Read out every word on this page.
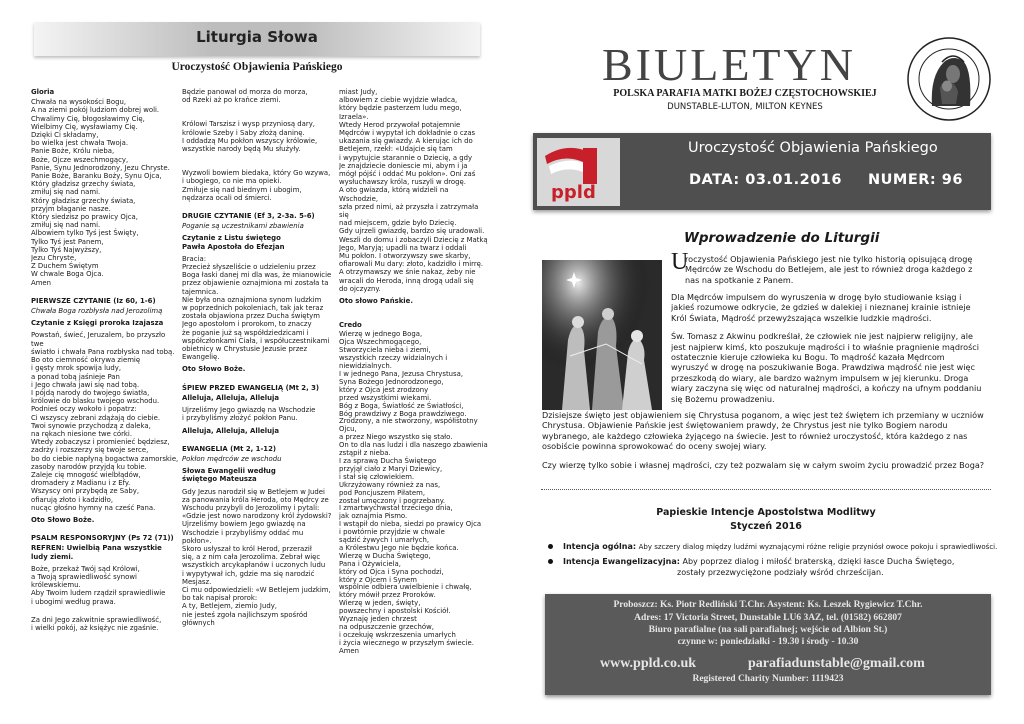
Liturgia Słowa
Uroczystość Objawienia Pańskiego
Gloria

Chwała na wysokości Bogu,
A na ziemi pokój ludziom dobrej woli.
Chwalimy Cię, błogosławimy Cię,
Wielbimy Cię, wysławiamy Cię.
Dzięki Ci składamy,
bo wielka jest chwała Twoja.
Panie Boże, Królu nieba,
Boże, Ojcze wszechmogący,
Panie, Synu Jednorodzony, Jezu Chryste.
Panie Boże, Baranku Boży, Synu Ojca,
Który gładzisz grzechy świata,
zmiłuj się nad nami.
Który gładzisz grzechy świata,
przyjm błaganie nasze.
Który siedzisz po prawicy Ojca,
zmiłuj się nad nami.
Albowiem tylko Tyś jest Święty,
Tylko Tyś jest Panem,
Tylko Tyś Najwyższy,
Jezu Chryste,
Z Duchem Świętym
W chwale Boga Ojca.
Amen

PIERWSZE CZYTANIE (Iz 60, 1-6)
Chwała Boga rozbłysła nad Jerozolimą
Czytanie z Księgi proroka Izajasza

Powstań, świeć, Jeruzalem, bo przyszło twe
światło i chwała Pana rozbłyska nad tobą.
Bo oto ciemność okrywa ziemię
i gęsty mrok spowija ludy,
a ponad tobą jaśnieje Pan
i Jego chwała jawi się nad tobą.
I pójdą narody do twojego światła,
królowie do blasku twojego wschodu.
Podnieś oczy wokoło i popatrz:
Ci wszyscy zebrani zdążają do ciebie.
Twoi synowie przychodzą z daleka,
na rękach niesione twe córki.
Wtedy zobaczysz i promienieć będziesz,
zadrży i rozszerzy się twoje serce,
bo do ciebie napłyną bogactwa zamorskie,
zasoby narodów przyjdą ku tobie.
Zaleje cię mnogość wielbłądów,
dromadery z Madianu i z Efy.
Wszyscy oni przybędą ze Saby,
ofiarują złoto i kadzidło,
nucąc głośno hymny na cześć Pana.

Oto Słowo Boże.
PSALM RESPONSORYJNY (Ps 72 (71))
REFREN: Uwielbią Pana wszystkie ludy ziemi.

Boże, przekaż Twój sąd Królowi,
a Twoją sprawiedliwość synowi
królewskiemu.
Aby Twoim ludem rządził sprawiedliwie
i ubogimi według prawa.

Za dni Jego zakwitnie sprawiedliwość,
i wielki pokój, aż księżyc nie zgaśnie.

Będzie panował od morza do morza,
od Rzeki aż po krańce ziemi.

Królowi Tarszisz i wysp przyniosą dary,
królowie Szeby i Saby złożą daninę.
I oddadzą Mu pokłon wszyscy królowie,
wszystkie narody będą Mu służyły.

Wyzwoli bowiem biedaka, który Go wzywa,
i ubogiego, co nie ma opieki.
Zmiłuje się nad biednym i ubogim,
nędzarza ocali od śmierci.

DRUGIE CZYTANIE (Ef 3, 2-3a. 5-6)
Poganie są uczestnikami zbawienia
Czytanie z Listu świętego
Pawła Apostoła do Efezjan

Bracia:
Przecież słyszeliście o udzieleniu przez
Boga łaski danej mi dla was, że mianowicie
przez objawienie oznajmiona mi została ta
tajemnica.
Nie była ona oznajmiona synom ludzkim
w poprzednich pokoleniach, tak jak teraz
została objawiona przez Ducha świętym
Jego apostołom i prorokom, to znaczy
że poganie już są współdziedzicami i
współczłonkami Ciała, i współuczestnikami
obietnicy w Chrystusie Jezusie przez
Ewangelię.

Oto Słowo Boże.
ŚPIEW PRZED EWANGELIĄ (Mt 2, 3)
Alleluja, Alleluja, Alleluja

Ujrzeliśmy Jego gwiazdę na Wschodzie
i przybyliśmy złożyć pokłon Panu.

Alleluja, Alleluja, Alleluja
EWANGELIA (Mt 2, 1-12)
Pokłon mędrców ze wschodu
Słowa Ewangelii według
świętego Mateusza

Gdy Jezus narodził się w Betlejem w Judei
za panowania króla Heroda, oto Mędrcy ze
Wschodu przybyli do Jerozolimy i pytali:
«Gdzie jest nowo narodzony król żydowski?
Ujrzeliśmy bowiem Jego gwiazdę na
Wschodzie i przybyliśmy oddać mu pokłon».
Skoro usłyszał to król Herod, przeraził
się, a z nim cała Jerozolima. Zebrał więc
wszystkich arcykapłanów i uczonych ludu
i wypytywał ich, gdzie ma się narodzić
Mesjasz.
Ci mu odpowiedzieli: «W Betlejem judzkim,
bo tak napisał prorok:
A ty, Betlejem, ziemio Judy,
nie jesteś zgoła najlichszym spośród głównych

miast Judy,
albowiem z ciebie wyjdzie władca,
który będzie pasterzem ludu mego,
Izraela».
Wtedy Herod przywołał potajemnie
Mędrców i wypytał ich dokładnie o czas
ukazania się gwiazdy. A kierując ich do
Betlejem, rzekł: «Udajcie się tam
i wypytujcie starannie o Dziecię, a gdy
Je znajdziecie doniescie mi, abym i ja
mógł pójść i oddać Mu pokłon». Oni zaś
wysłuchawszy króla, ruszyli w drogę.
A oto gwiazda, którą widzieli na Wschodzie,
szła przed nimi, aż przyszła i zatrzymała się
nad miejscem, gdzie było Dziecię.
Gdy ujrzeli gwiazdę, bardzo się uradowali.
Weszli do domu i zobaczyli Dziecię z Matką
Jego, Maryją; upadli na twarz i oddali
Mu pokłon. I otworzywszy swe skarby,
ofiarowali Mu dary: złoto, kadzidło i mirrę.
A otrzymawszy we śnie nakaz, żeby nie
wracali do Heroda, inną drogą udali się
do ojczyzny.

Oto słowo Pańskie.
Credo

Wierzę w jednego Boga,
Ojca Wszechmogącego,
Stworzyciela nieba i ziemi,
wszystkich rzeczy widzialnych i niewidzialnych.
I w jednego Pana, Jezusa Chrystusa,
Syna Bożego Jednorodzonego,
który z Ojca jest zrodzony
przed wszystkimi wiekami.
Bóg z Boga, Światłość ze Światłości,
Bóg prawdziwy z Boga prawdziwego.
Zrodzony, a nie stworzony, współistotny Ojcu,
a przez Niego wszystko się stało.
On to dla nas ludzi i dla naszego zbawienia
zstąpił z nieba.
I za sprawą Ducha Świętego
przyjął ciało z Maryi Dziewicy,
i stał się człowiekiem.
Ukrzyżowany również za nas,
pod Poncjuszem Piłatem,
został umęczony i pogrzebany.
I zmartwychwstał trzeciego dnia,
jak oznajmia Pismo.
I wstąpił do nieba, siedzi po prawicy Ojca
i powtórnie przyjdzie w chwale
sądzić żywych i umarłych,
a Królestwu Jego nie będzie końca.
Wierzę w Ducha Świętego,
Pana i Ożywiciela,
który od Ojca i Syna pochodzi,
który z Ojcem i Synem
wspólnie odbiera uwielbienie i chwałę,
który mówił przez Proroków.
Wierzę w jeden, święty,
powszechny i apostolski Kościół.
Wyznaję jeden chrzest
na odpuszczenie grzechów,
i oczekuję wskrzeszenia umarłych
i życia wiecznego w przyszłym świecie.
Amen

BIULETYN
POLSKA PARAFIA MATKI BOŻEJ CZĘSTOCHOWSKIEJ
DUNSTABLE-LUTON, MILTON KEYNES
ppld
Uroczystość Objawienia Pańskiego
DATA: 03.01.2016 NUMER: 96
Wprowadzenie do Liturgii
U

roczystość Objawienia Pańskiego jest nie tylko historią opisującą drogę Mędrców ze Wschodu do Betlejem, ale jest to również droga każdego z nas na spotkanie z Panem.

Dla Mędrców impulsem do wyruszenia w drogę było studiowanie ksiąg i jakieś rozumowe odkrycie, że gdzieś w dalekiej i nieznanej krainie istnieje Król Świata, Mądrość przewyższająca wszelkie ludzkie mądrości.

Św. Tomasz z Akwinu podkreślał, że człowiek nie jest najpierw religijny, ale jest najpierw kimś, kto poszukuje mądrości i to właśnie pragnienie mądrości ostatecznie kieruje człowieka ku Bogu. To mądrość kazała Mędrcom wyruszyć w drogę na poszukiwanie Boga. Prawdziwa mądrość nie jest więc przeszkodą do wiary, ale bardzo ważnym impulsem w jej kierunku. Droga wiary zaczyna się więc od naturalnej mądrości, a kończy na ufnym poddaniu się Bożemu prowadzeniu.

Dzisiejsze święto jest objawieniem się Chrystusa poganom, a więc jest też świętem ich przemiany w uczniów Chrystusa. Objawienie Pańskie jest świętowaniem prawdy, że Chrystus jest nie tylko Bogiem narodu wybranego, ale każdego człowieka żyjącego na świecie. Jest to również uroczystość, która każdego z nas osobiście powinna sprowokować do oceny swojej wiary.

Czy wierzę tylko sobie i własnej mądrości, czy też pozwalam się w całym swoim życiu prowadzić przez Boga?

Papieskie Intencje Apostolstwa Modlitwy
Styczeń 2016
Intencja ogólna: Aby szczery dialog między ludźmi wyznającymi różne religie przyniósł owoce pokoju i sprawiedliwości.
Intencja Ewangelizacyjna: Aby poprzez dialog i miłość braterską, dzięki łasce Ducha Świętego,
zostały przezwyciężone podziały wśród chrześcijan.
Proboszcz: Ks. Piotr Redliński T.Chr. Asystent: Ks. Leszek Rygiewicz T.Chr.
Adres: 17 Victoria Street, Dunstable LU6 3AZ, tel. (01582) 662807
Biuro parafialne (na sali parafialnej; wejście od Albion St.)
czynne w: poniedziałki - 19.30 i środy - 10.30
www.ppld.co.uk	parafiadunstable@gmail.com
Registered Charity Number: 1119423
